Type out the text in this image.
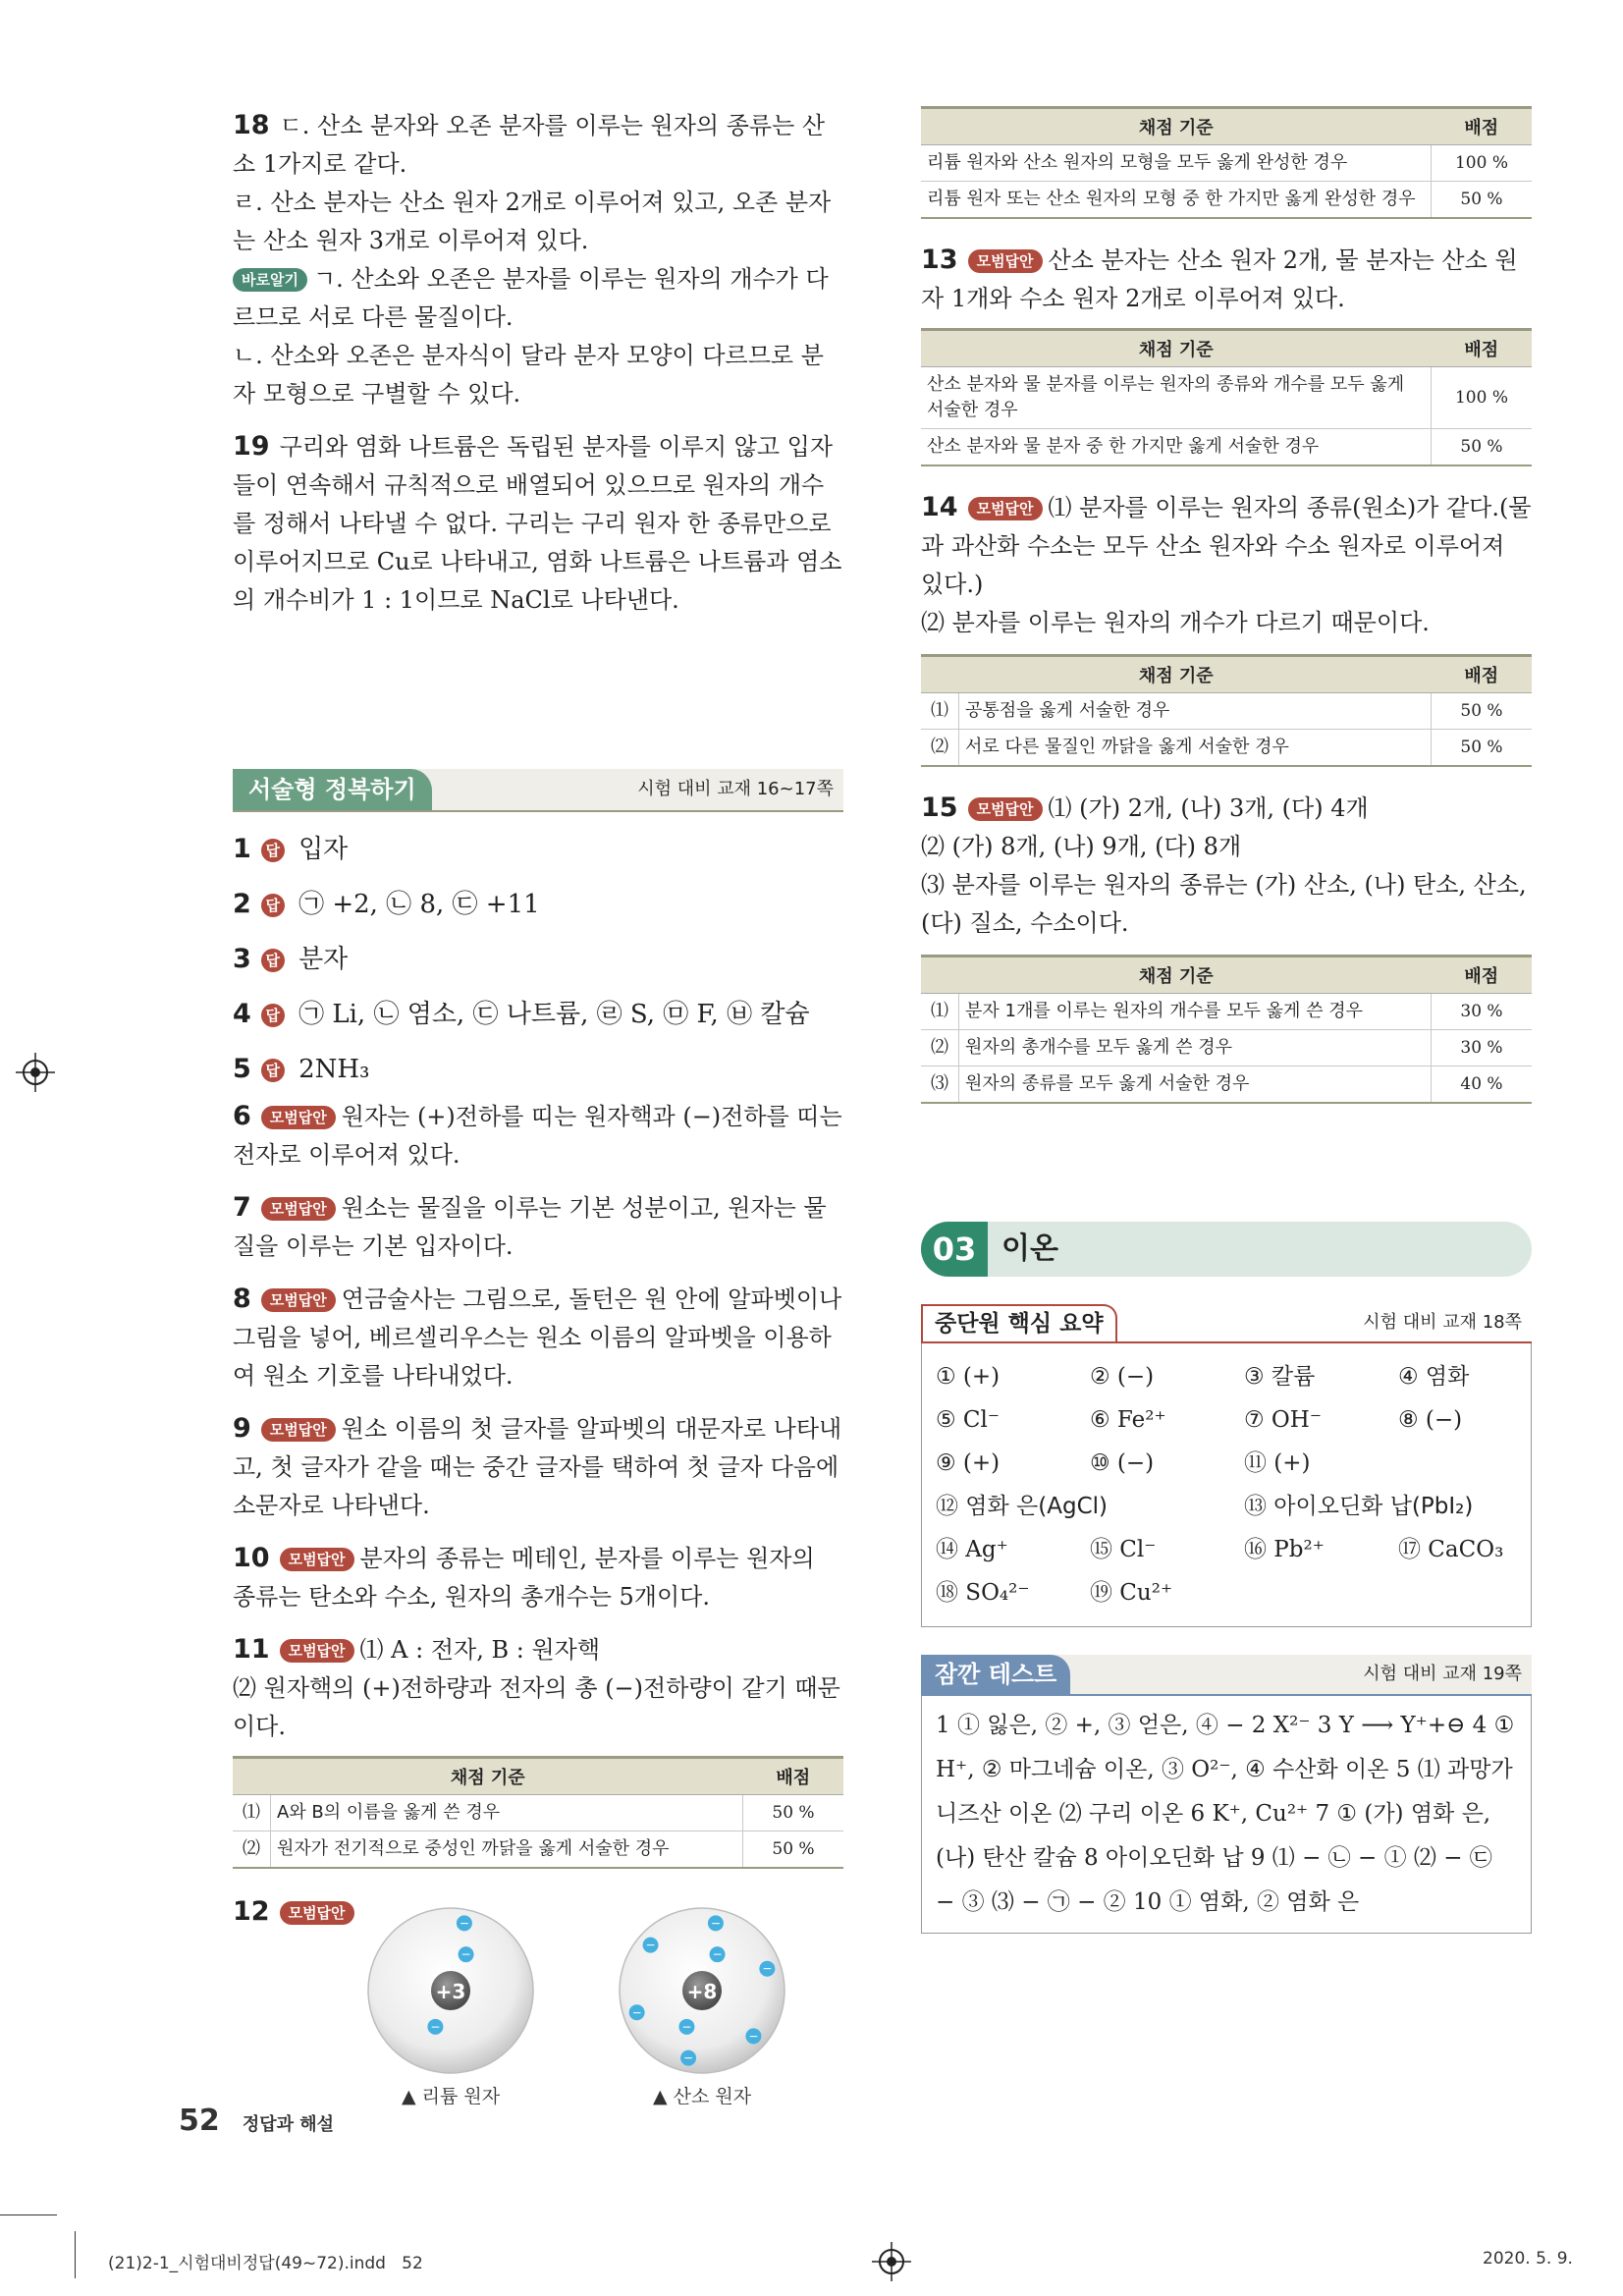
18 ㄷ. 산소 분자와 오존 분자를 이루는 원자의 종류는 산소 1가지로 같다.

ㄹ. 산소 분자는 산소 원자 2개로 이루어져 있고, 오존 분자는 산소 원자 3개로 이루어져 있다.

바로알기 ㄱ. 산소와 오존은 분자를 이루는 원자의 개수가 다르므로 서로 다른 물질이다.

ㄴ. 산소와 오존은 분자식이 달라 분자 모양이 다르므로 분자 모형으로 구별할 수 있다.

19 구리와 염화 나트륨은 독립된 분자를 이루지 않고 입자들이 연속해서 규칙적으로 배열되어 있으므로 원자의 개수를 정해서 나타낼 수 없다. 구리는 구리 원자 한 종류만으로 이루어지므로 Cu로 나타내고, 염화 나트륨은 나트륨과 염소의 개수비가 1 : 1이므로 NaCl로 나타낸다.

서술형 정복하기	시험 대비 교재 16~17쪽
1 답 입자
2 답 ㉠ +2, ㉡ 8, ㉢ +11
3 답 분자
4 답 ㉠ Li, ㉡ 염소, ㉢ 나트륨, ㉣ S, ㉤ F, ㉥ 칼슘
5 답 2NH₃

6 모범답안 원자는 (+)전하를 띠는 원자핵과 (−)전하를 띠는 전자로 이루어져 있다.

7 모범답안 원소는 물질을 이루는 기본 성분이고, 원자는 물질을 이루는 기본 입자이다.

8 모범답안 연금술사는 그림으로, 돌턴은 원 안에 알파벳이나 그림을 넣어, 베르셀리우스는 원소 이름의 알파벳을 이용하여 원소 기호를 나타내었다.

9 모범답안 원소 이름의 첫 글자를 알파벳의 대문자로 나타내고, 첫 글자가 같을 때는 중간 글자를 택하여 첫 글자 다음에 소문자로 나타낸다.

10 모범답안 분자의 종류는 메테인, 분자를 이루는 원자의 종류는 탄소와 수소, 원자의 총개수는 5개이다.

11 모범답안 ⑴ A : 전자, B : 원자핵

⑵ 원자핵의 (+)전하량과 전자의 총 (−)전하량이 같기 때문이다.

채점 기준		배점
⑴	A와 B의 이름을 옳게 쓴 경우	50 %
⑵	원자가 전기적으로 중성인 까닭을 옳게 서술한 경우	50 %

12 모범답안

+3
▲ 리튬 원자
−
−
−
+8
▲ 산소 원자
−
−
−
−
−
−
−
−
채점 기준	배점
리튬 원자와 산소 원자의 모형을 모두 옳게 완성한 경우	100 %
리튬 원자 또는 산소 원자의 모형 중 한 가지만 옳게 완성한 경우	50 %

13 모범답안 산소 분자는 산소 원자 2개, 물 분자는 산소 원자 1개와 수소 원자 2개로 이루어져 있다.

채점 기준	배점
산소 분자와 물 분자를 이루는 원자의 종류와 개수를 모두 옳게 서술한 경우	100 %
산소 분자와 물 분자 중 한 가지만 옳게 서술한 경우	50 %

14 모범답안 ⑴ 분자를 이루는 원자의 종류(원소)가 같다.(물과 과산화 수소는 모두 산소 원자와 수소 원자로 이루어져 있다.)

⑵ 분자를 이루는 원자의 개수가 다르기 때문이다.

채점 기준		배점
⑴	공통점을 옳게 서술한 경우	50 %
⑵	서로 다른 물질인 까닭을 옳게 서술한 경우	50 %

15 모범답안 ⑴ (가) 2개, (나) 3개, (다) 4개

⑵ (가) 8개, (나) 9개, (다) 8개

⑶ 분자를 이루는 원자의 종류는 (가) 산소, (나) 탄소, 산소, (다) 질소, 수소이다.

채점 기준		배점
⑴	분자 1개를 이루는 원자의 개수를 모두 옳게 쓴 경우	30 %
⑵	원자의 총개수를 모두 옳게 쓴 경우	30 %
⑶	원자의 종류를 모두 옳게 서술한 경우	40 %
03 이온
중단원 핵심 요약	시험 대비 교재 18쪽
① (+)	② (−)	③ 칼륨	④ 염화
⑤ Cl⁻	⑥ Fe²⁺	⑦ OH⁻	⑧ (−)
⑨ (+)	⑩ (−)	⑪ (+)
⑫ 염화 은(AgCl)	⑬ 아이오딘화 납(PbI₂)
⑭ Ag⁺	⑮ Cl⁻	⑯ Pb²⁺	⑰ CaCO₃
⑱ SO₄²⁻	⑲ Cu²⁺
잠깐 테스트	시험 대비 교재 19쪽
1 ① 잃은, ② +, ③ 얻은, ④ − 2 X²⁻ 3 Y ⟶ Y⁺+⊖ 4 ① H⁺, ② 마그네슘 이온, ③ O²⁻, ④ 수산화 이온 5 ⑴ 과망가니즈산 이온 ⑵ 구리 이온 6 K⁺, Cu²⁺ 7 ① (가) 염화 은, (나) 탄산 칼슘 8 아이오딘화 납 9 ⑴ − ㉡ − ① ⑵ − ㉢ − ③ ⑶ − ㉠ − ② 10 ① 염화, ② 염화 은
52 정답과 해설
(21)2-1_시험대비정답(49~72).indd   52	2020. 5. 9.
